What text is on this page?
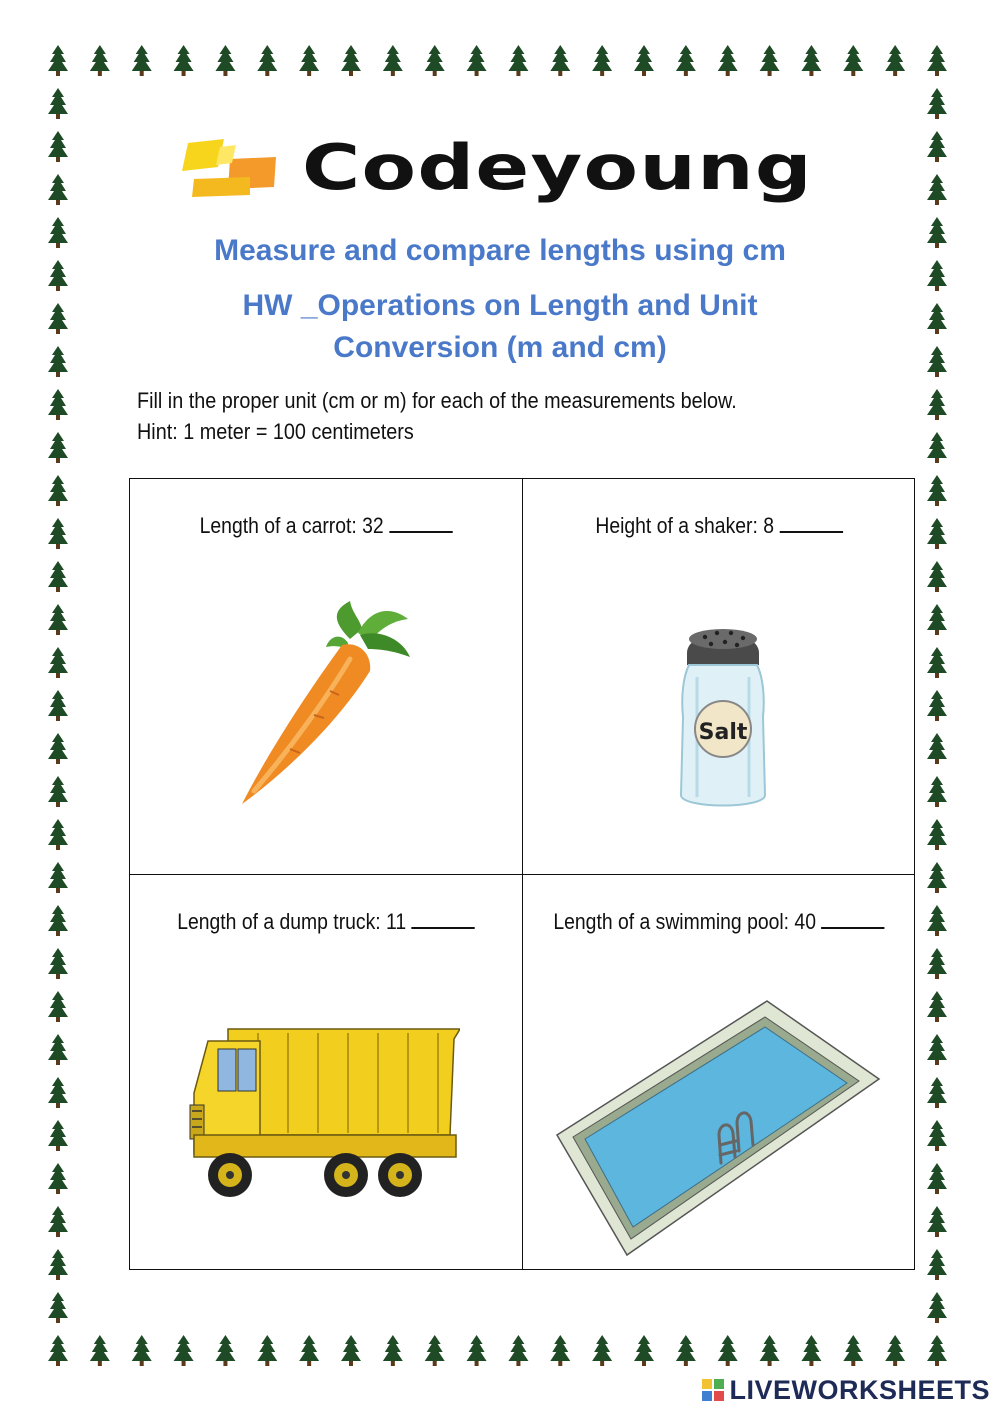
Codeyoung
Measure and compare lengths using cm
HW _Operations on Length and Unit
Conversion (m and cm)
Fill in the proper unit (cm or m) for each of the measurements below.
Hint: 1 meter = 100 centimeters
Length of a carrot: 32	Height of a shaker: 8
Salt
Length of a dump truck: 11	Length of a swimming pool: 40
LIVEWORKSHEETS
